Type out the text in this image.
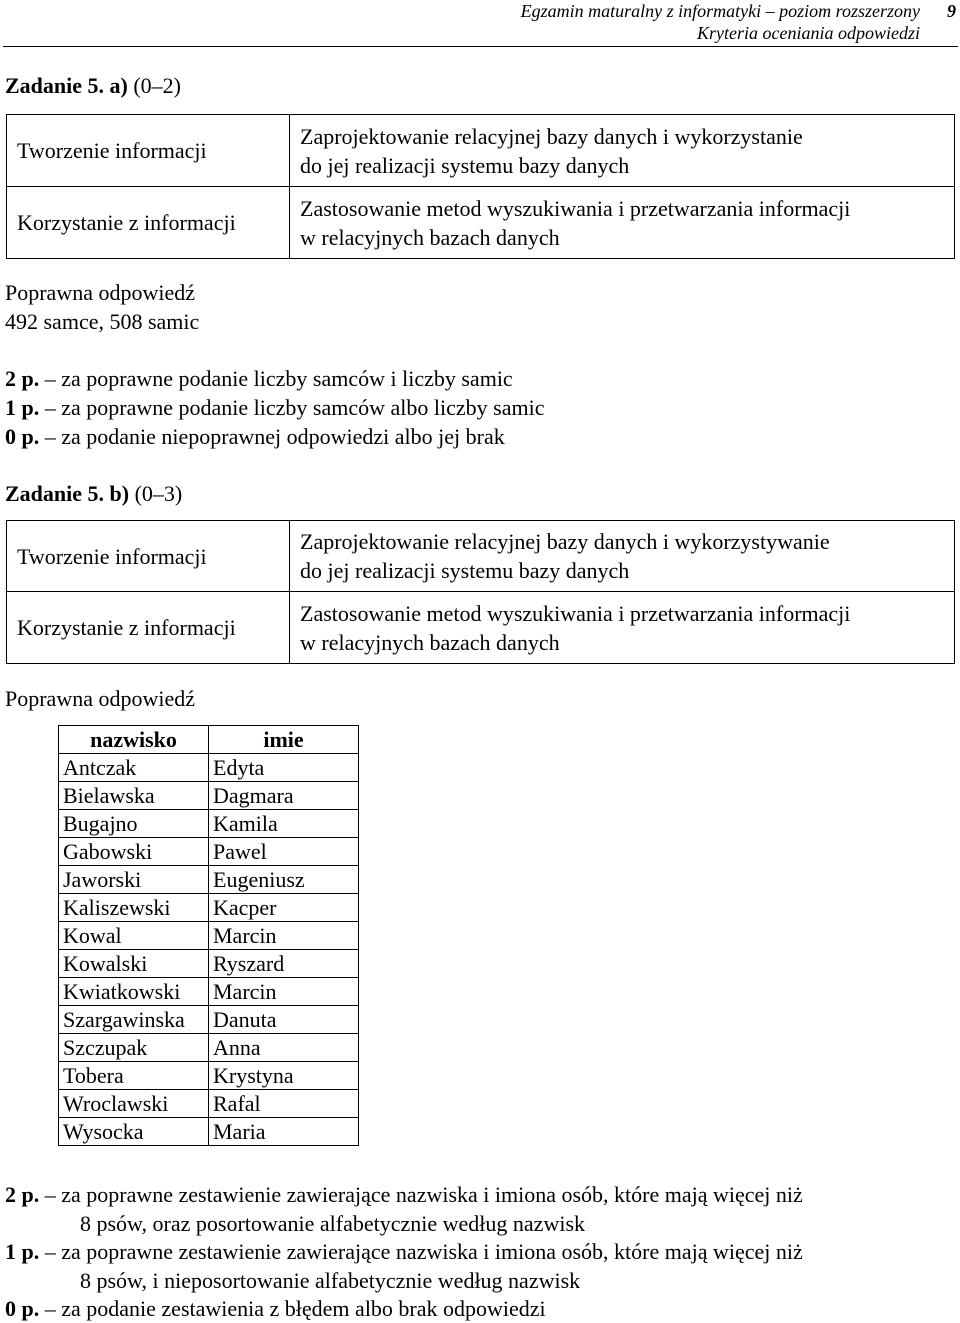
Egzamin maturalny z informatyki – poziom rozszerzony
Kryteria oceniania odpowiedzi
9
Zadanie 5. a) (0–2)
Tworzenie informacji	Zaprojektowanie relacyjnej bazy danych i wykorzystanie
do jej realizacji systemu bazy danych

Korzystanie z informacji	Zastosowanie metod wyszukiwania i przetwarzania informacji
w relacyjnych bazach danych
Poprawna odpowiedź
492 samce, 508 samic
2 p. – za poprawne podanie liczby samców i liczby samic
1 p. – za poprawne podanie liczby samców albo liczby samic
0 p. – za podanie niepoprawnej odpowiedzi albo jej brak
Zadanie 5. b) (0–3)
Tworzenie informacji	Zaprojektowanie relacyjnej bazy danych i wykorzystywanie
do jej realizacji systemu bazy danych

Korzystanie z informacji	Zastosowanie metod wyszukiwania i przetwarzania informacji
w relacyjnych bazach danych
Poprawna odpowiedź
nazwisko	imie
Antczak	Edyta
Bielawska	Dagmara
Bugajno	Kamila
Gabowski	Pawel
Jaworski	Eugeniusz
Kaliszewski	Kacper
Kowal	Marcin
Kowalski	Ryszard
Kwiatkowski	Marcin
Szargawinska	Danuta
Szczupak	Anna
Tobera	Krystyna
Wroclawski	Rafal
Wysocka	Maria
2 p. – za poprawne zestawienie zawierające nazwiska i imiona osób, które mają więcej niż
8 psów, oraz posortowanie alfabetycznie według nazwisk
1 p. – za poprawne zestawienie zawierające nazwiska i imiona osób, które mają więcej niż
8 psów, i nieposortowanie alfabetycznie według nazwisk
0 p. – za podanie zestawienia z błędem albo brak odpowiedzi
